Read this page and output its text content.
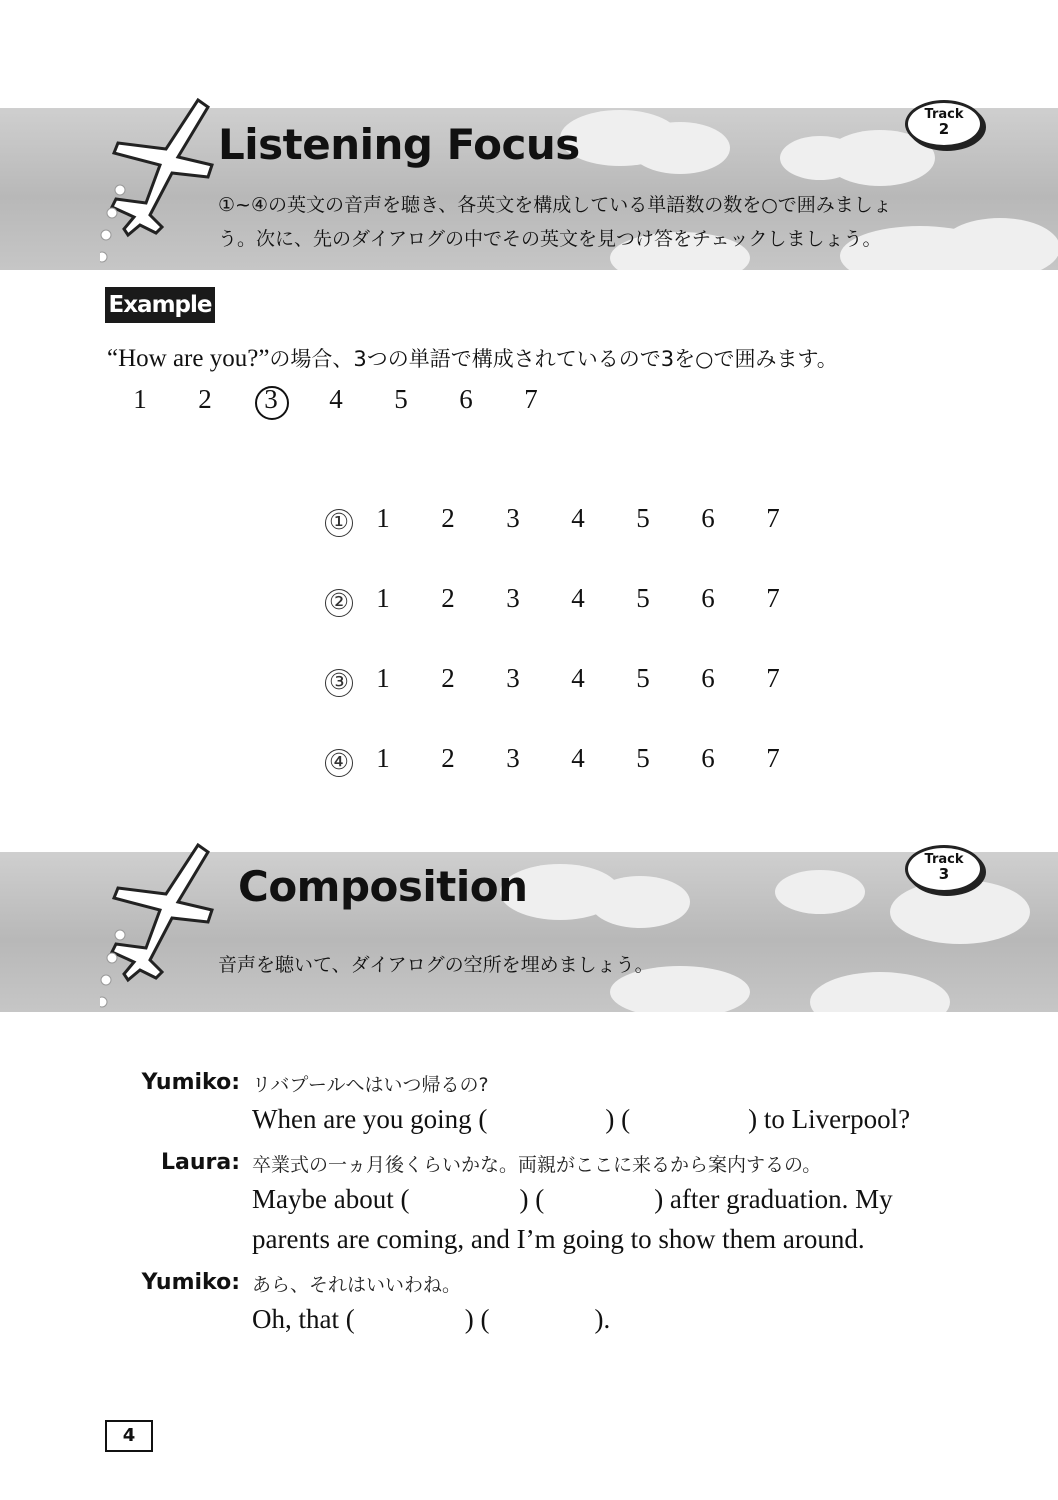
Listening Focus
Track
2
①~④の英文の音声を聴き、各英文を構成している単語数の数を○で囲みましょ
う。次に、先のダイアログの中でその英文を見つけ答をチェックしましょう。
Example
“How are you?”の場合、3つの単語で構成されているので3を○で囲みます。
1	2	3	4	5	6	7
①	1	2	3	4	5	6	7
②	1	2	3	4	5	6	7
③	1	2	3	4	5	6	7
④	1	2	3	4	5	6	7
Composition
Track
3
音声を聴いて、ダイアログの空所を埋めましょう。
Yumiko: リバプールへはいつ帰るの?
When are you going (	) (	) to Liverpool?
Laura: 卒業式の一ヵ月後くらいかな。両親がここに来るから案内するの。
Maybe about (	) (	) after graduation. My
parents are coming, and I’m going to show them around.
Yumiko: あら、それはいいわね。
Oh, that (	) (	).
4
